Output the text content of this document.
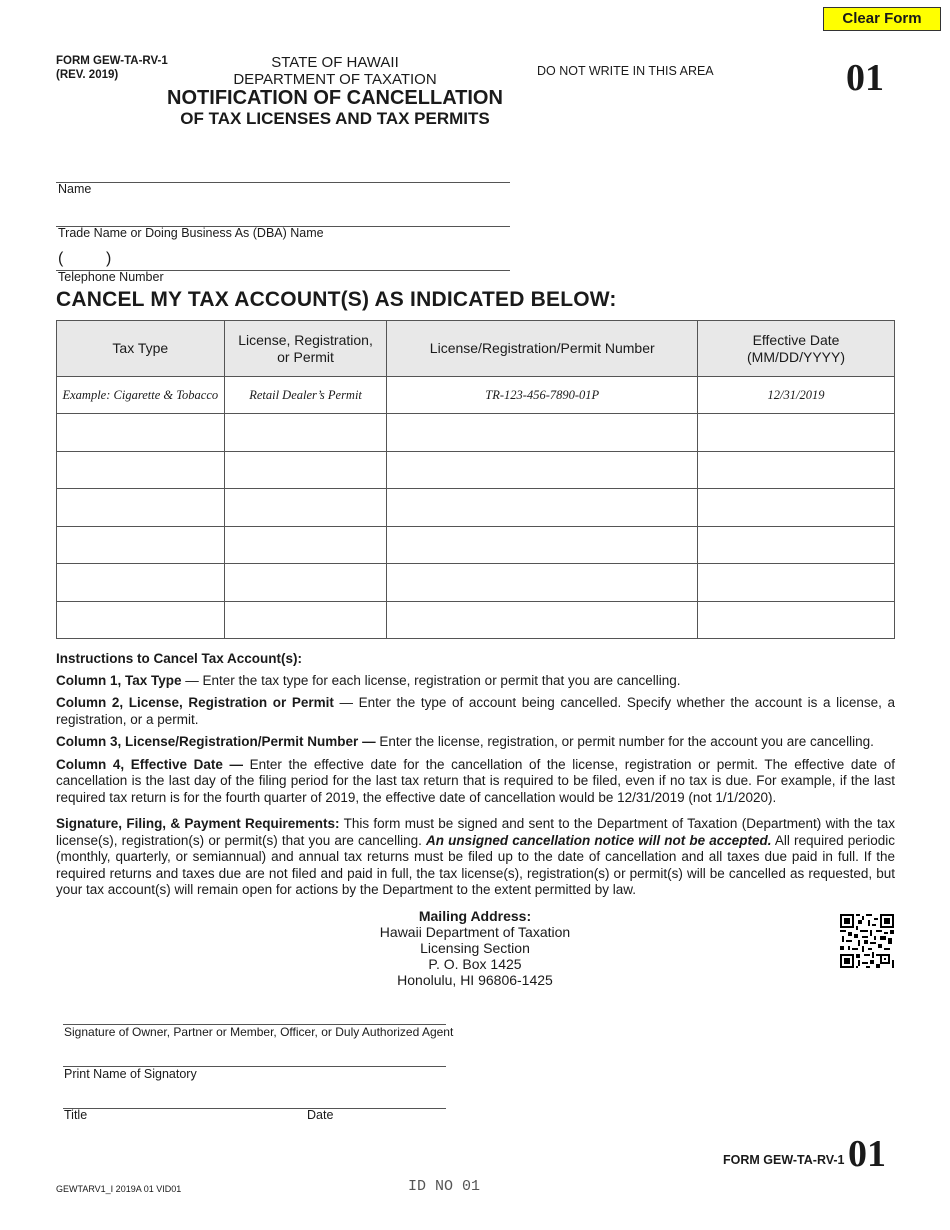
Clear Form
FORM GEW-TA-RV-1
(REV. 2019)
STATE OF HAWAII
DEPARTMENT OF TAXATION
NOTIFICATION OF CANCELLATION
OF TAX LICENSES AND TAX PERMITS
DO NOT WRITE IN THIS AREA	01
Name
Trade Name or Doing Business As (DBA) Name
(	)
Telephone Number
CANCEL MY TAX ACCOUNT(S) AS INDICATED BELOW:
Tax Type	License, Registration, or Permit	License/Registration/Permit Number	Effective Date (MM/DD/YYYY)
Example: Cigarette & Tobacco	Retail Dealer’s Permit	TR-123-456-7890-01P	12/31/2019

Instructions to Cancel Tax Account(s):

Column 1, Tax Type — Enter the tax type for each license, registration or permit that you are cancelling.

Column 2, License, Registration or Permit — Enter the type of account being cancelled. Specify whether the account is a license, a registration, or a permit.

Column 3, License/Registration/Permit Number — Enter the license, registration, or permit number for the account you are cancelling.

Column 4, Effective Date — Enter the effective date for the cancellation of the license, registration or permit. The effective date of cancellation is the last day of the filing period for the last tax return that is required to be filed, even if no tax is due. For example, if the last required tax return is for the fourth quarter of 2019, the effective date of cancellation would be 12/31/2019 (not 1/1/2020).

Signature, Filing, & Payment Requirements: This form must be signed and sent to the Department of Taxation (Department) with the tax license(s), registration(s) or permit(s) that you are cancelling. An unsigned cancellation notice will not be accepted. All required periodic (monthly, quarterly, or semiannual) and annual tax returns must be filed up to the date of cancellation and all taxes due paid in full. If the required returns and taxes due are not filed and paid in full, the tax license(s), registration(s) or permit(s) will be cancelled as requested, but your tax account(s) will remain open for actions by the Department to the extent permitted by law.

Mailing Address:
Hawaii Department of Taxation
Licensing Section
P. O. Box 1425
Honolulu, HI 96806-1425
Signature of Owner, Partner or Member, Officer, or Duly Authorized Agent
Print Name of Signatory
Title	Date
FORM GEW-TA-RV-1 01
GEWTARV1_I 2019A 01 VID01	ID NO 01
